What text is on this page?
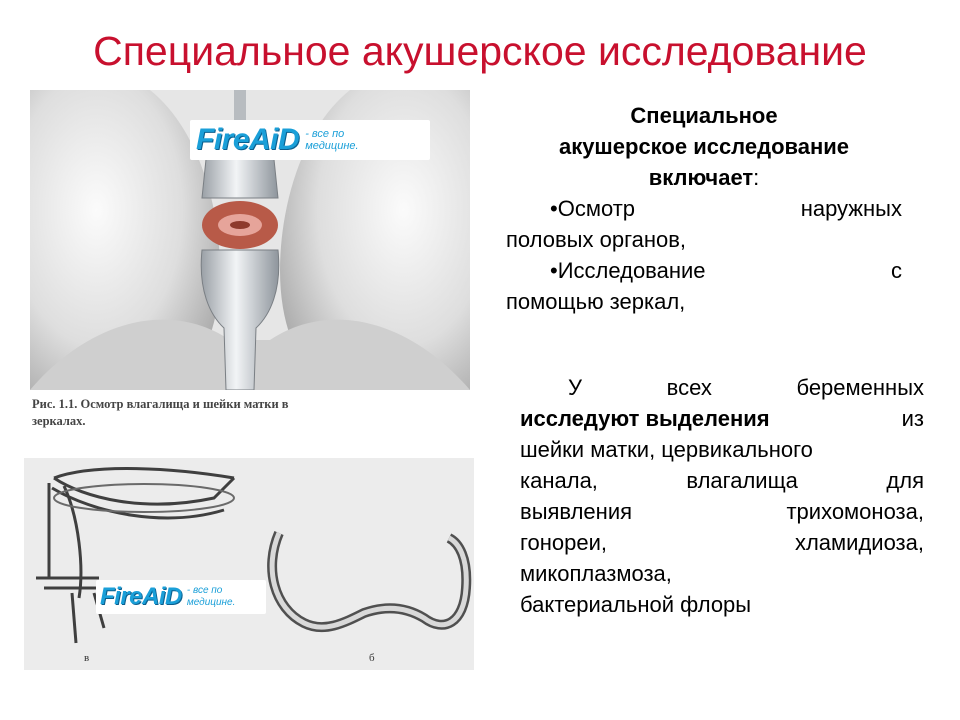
Специальное акушерское исследование
FireAiD - все по
медицине.
Рис. 1.1. Осмотр влагалища и шейки матки в
зеркалах.
FireAiD - все по
медицине.
в	б
Специальное
акушерское исследование
включает:
•Осмотр	наружных
половых органов,
•Исследование	с
помощью зеркал,
У	всех	беременных
исследуют выделения	из
шейки матки, цервикального
канала,	влагалища	для
выявления	трихомоноза,
гонореи,	хламидиоза,
микоплазмоза,
бактериальной флоры
